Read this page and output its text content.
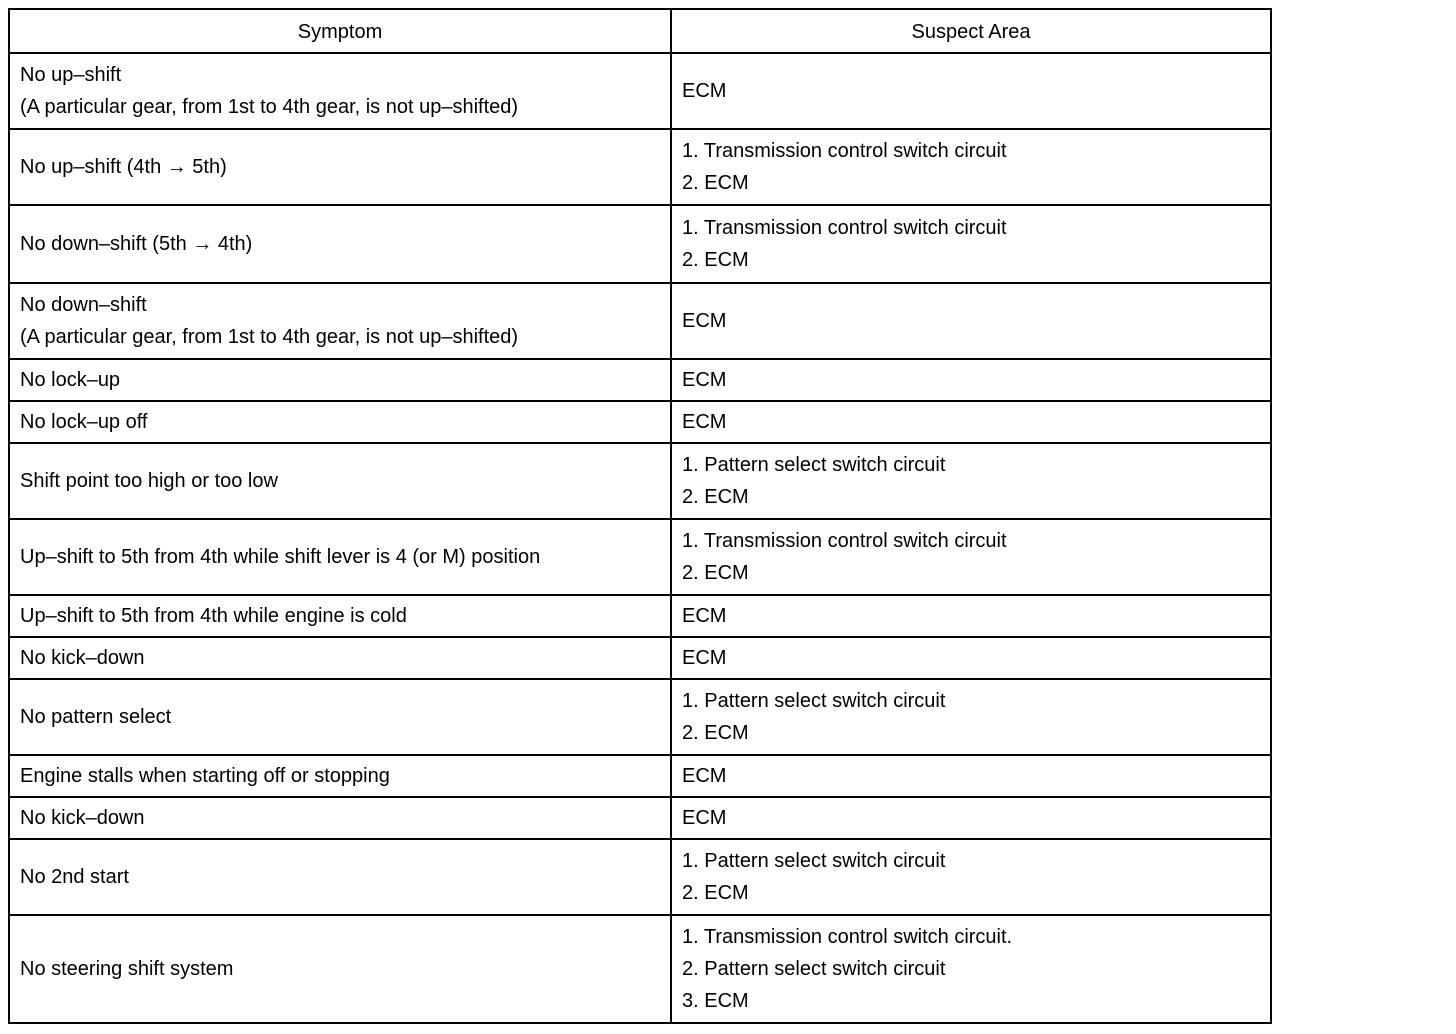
Symptom	Suspect Area

No up–shift
(A particular gear, from 1st to 4th gear, is not up–shifted)	ECM

No up–shift (4th → 5th)	1. Transmission control switch circuit
2. ECM

No down–shift (5th → 4th)	1. Transmission control switch circuit
2. ECM

No down–shift
(A particular gear, from 1st to 4th gear, is not up–shifted)	ECM

No lock–up	ECM

No lock–up off	ECM

Shift point too high or too low	1. Pattern select switch circuit
2. ECM

Up–shift to 5th from 4th while shift lever is 4 (or M) position	1. Transmission control switch circuit
2. ECM

Up–shift to 5th from 4th while engine is cold	ECM

No kick–down	ECM

No pattern select	1. Pattern select switch circuit
2. ECM

Engine stalls when starting off or stopping	ECM

No kick–down	ECM

No 2nd start	1. Pattern select switch circuit
2. ECM

No steering shift system	1. Transmission control switch circuit.
2. Pattern select switch circuit
3. ECM
